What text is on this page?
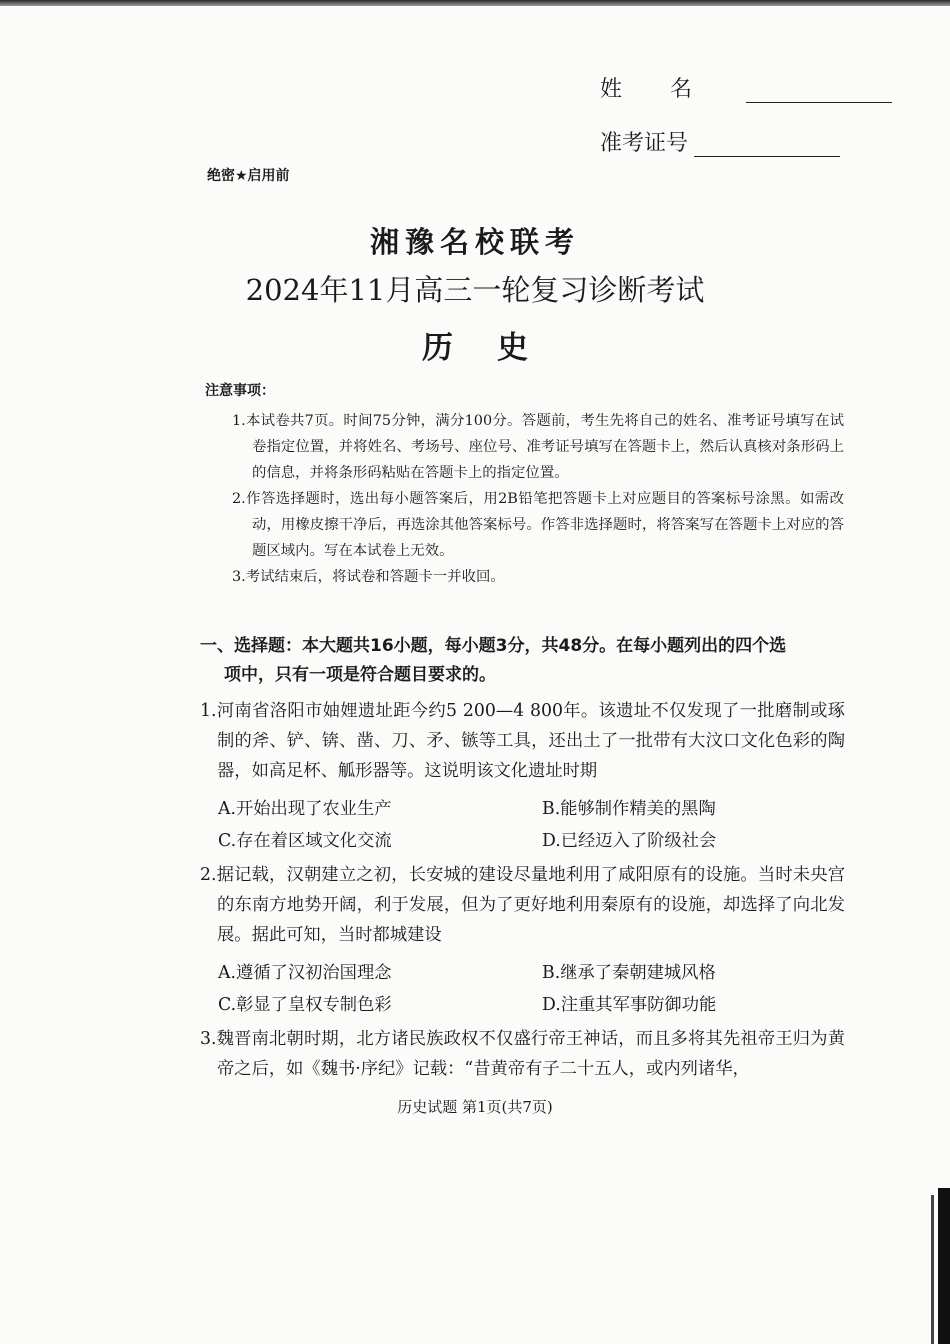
姓名
准考证号
绝密★启用前
湘豫名校联考
2024年11月高三一轮复习诊断考试
历史
注意事项：

1.本试卷共7页。时间75分钟，满分100分。答题前，考生先将自己的姓名、准考证号填写在试卷指定位置，并将姓名、考场号、座位号、准考证号填写在答题卡上，然后认真核对条形码上的信息，并将条形码粘贴在答题卡上的指定位置。

2.作答选择题时，选出每小题答案后，用2B铅笔把答题卡上对应题目的答案标号涂黑。如需改动，用橡皮擦干净后，再选涂其他答案标号。作答非选择题时，将答案写在答题卡上对应的答题区域内。写在本试卷上无效。

3.考试结束后，将试卷和答题卡一并收回。

一、选择题：本大题共16小题，每小题3分，共48分。在每小题列出的四个选
项中，只有一项是符合题目要求的。

1.河南省洛阳市妯娌遗址距今约5 200—4 800年。该遗址不仅发现了一批磨制或琢制的斧、铲、锛、凿、刀、矛、镞等工具，还出土了一批带有大汶口文化色彩的陶器，如高足杯、觚形器等。这说明该文化遗址时期

A.开始出现了农业生产	B.能够制作精美的黑陶
C.存在着区域文化交流	D.已经迈入了阶级社会

2.据记载，汉朝建立之初，长安城的建设尽量地利用了咸阳原有的设施。当时未央宫的东南方地势开阔，利于发展，但为了更好地利用秦原有的设施，却选择了向北发展。据此可知，当时都城建设

A.遵循了汉初治国理念	B.继承了秦朝建城风格
C.彰显了皇权专制色彩	D.注重其军事防御功能

3.魏晋南北朝时期，北方诸民族政权不仅盛行帝王神话，而且多将其先祖帝王归为黄帝之后，如《魏书·序纪》记载：“昔黄帝有子二十五人，或内列诸华，

历史试题 第1页(共7页)
